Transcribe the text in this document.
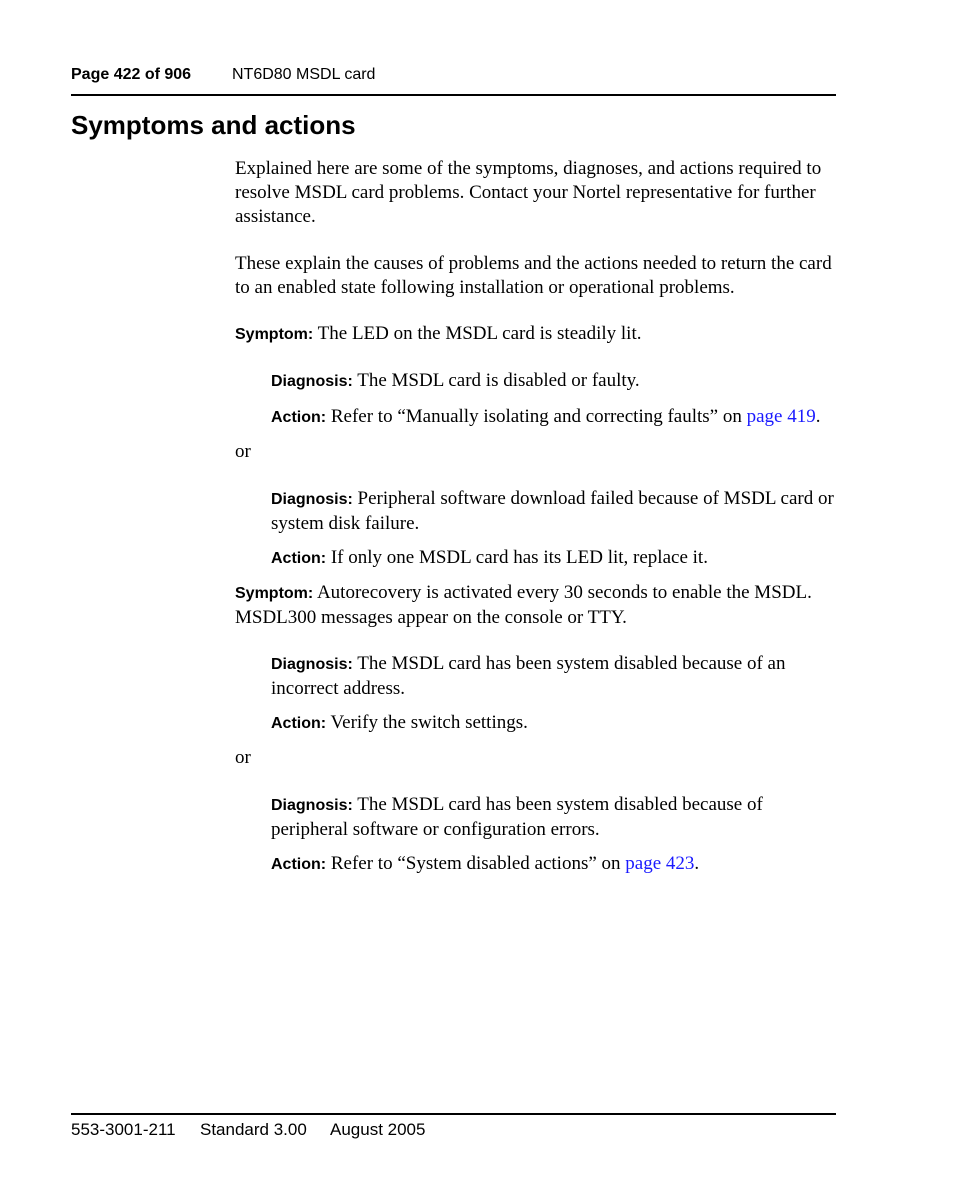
Page 422 of 906	NT6D80 MSDL card
Symptoms and actions
Explained here are some of the symptoms, diagnoses, and actions required to resolve MSDL card problems. Contact your Nortel representative for further assistance.
These explain the causes of problems and the actions needed to return the card to an enabled state following installation or operational problems.
Symptom: The LED on the MSDL card is steadily lit.
Diagnosis: The MSDL card is disabled or faulty.
Action: Refer to “Manually isolating and correcting faults” on page 419.
or
Diagnosis: Peripheral software download failed because of MSDL card or system disk failure.
Action: If only one MSDL card has its LED lit, replace it.
Symptom: Autorecovery is activated every 30 seconds to enable the MSDL. MSDL300 messages appear on the console or TTY.
Diagnosis: The MSDL card has been system disabled because of an incorrect address.
Action: Verify the switch settings.
or
Diagnosis: The MSDL card has been system disabled because of peripheral software or configuration errors.
Action: Refer to “System disabled actions” on page 423.
553-3001-211 Standard 3.00 August 2005
